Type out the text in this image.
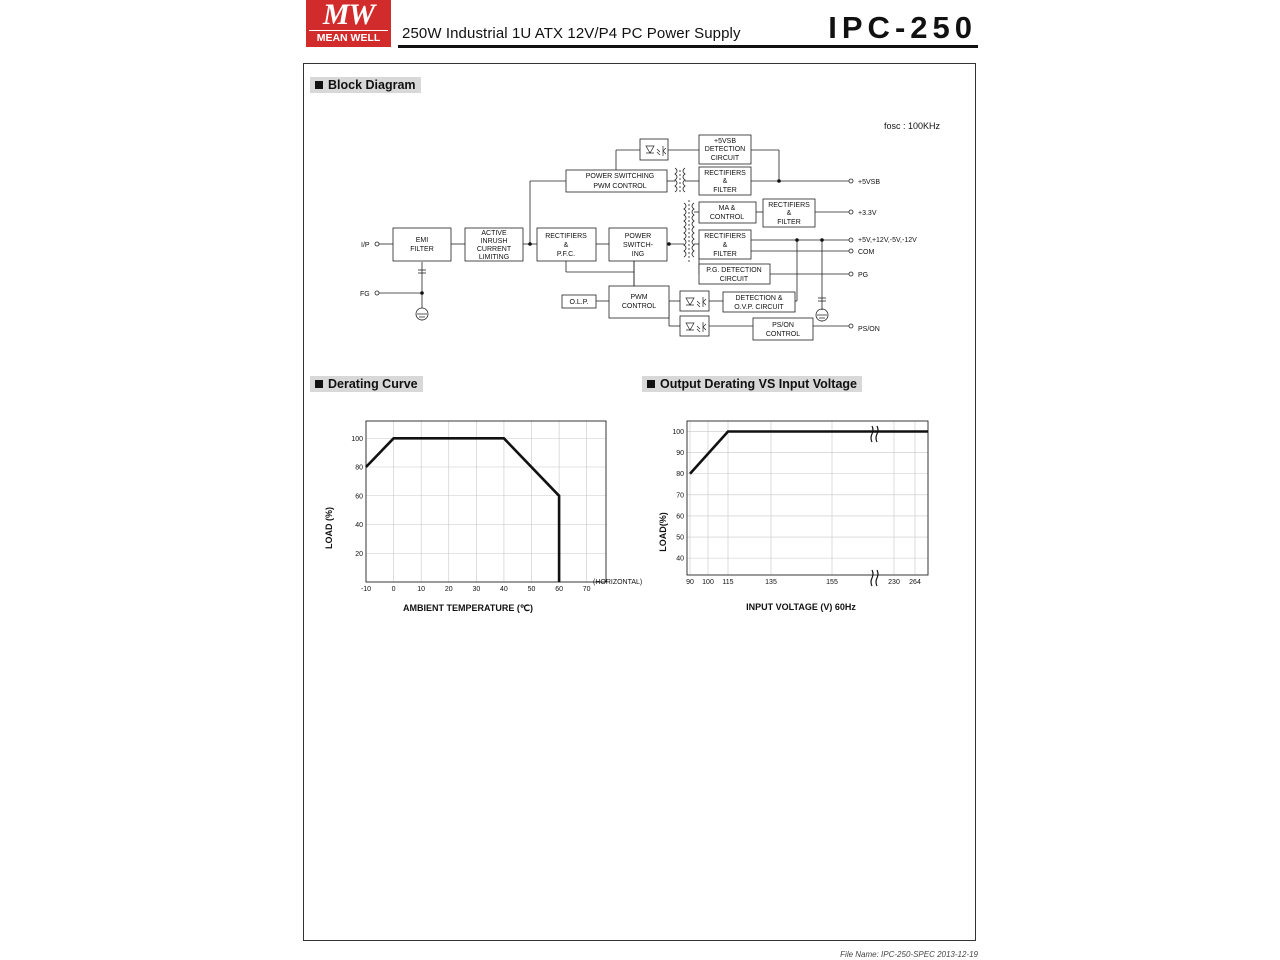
MW
MEAN WELL	250W Industrial 1U ATX 12V/P4 PC Power Supply	IPC-250
Block Diagram
Derating Curve	Output Derating VS Input Voltage
fosc : 100KHz
EMI FILTER
ACTIVE INRUSH CURRENT LIMITING
RECTIFIERS & P.F.C.
POWER SWITCH-ING
POWER SWITCHING PWM CONTROL
+5VSB DETECTION CIRCUIT
RECTIFIERS & FILTER
MA & CONTROL
RECTIFIERS & FILTER
RECTIFIERS & FILTER
P.G. DETECTION CIRCUIT
O.L.P.
PWM CONTROL
DETECTION & O.V.P. CIRCUIT
PS/ON CONTROL
I/P
FG
+5VSB
+3.3V
+5V,+12V,-5V,-12V
COM
PG
PS/ON
-10	0	10	20	30	40	50	60	70
20
40
60
80
100
(HORIZONTAL)
LOAD (%)
AMBIENT TEMPERATURE (℃)
90 100 115	135	155	230 264
40
50
60
70
80
90
100
LOAD(%)
INPUT VOLTAGE (V) 60Hz
File Name: IPC-250-SPEC 2013-12-19
